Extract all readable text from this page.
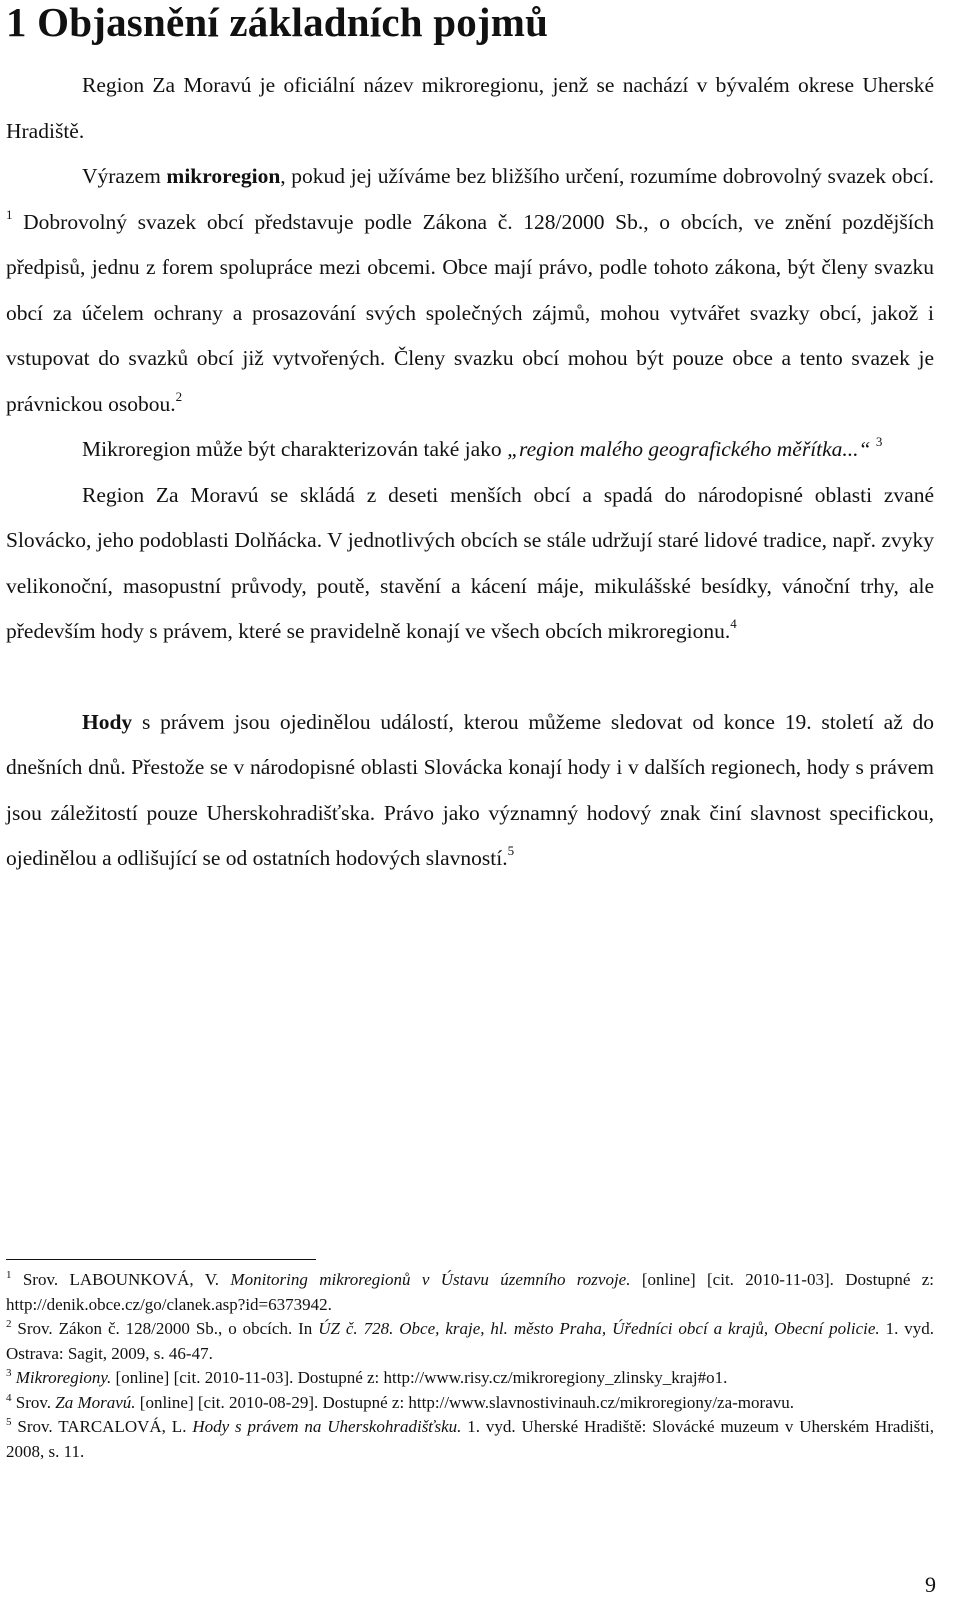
1 Objasnění základních pojmů

Region Za Moravú je oficiální název mikroregionu, jenž se nachází v bývalém okrese Uherské Hradiště.

Výrazem mikroregion, pokud jej užíváme bez bližšího určení, rozumíme dobrovolný svazek obcí. $^1$ Dobrovolný svazek obcí představuje podle Zákona č. 128/2000 Sb., o obcích, ve znění pozdějších předpisů, jednu z forem spolupráce mezi obcemi. Obce mají právo, podle tohoto zákona, být členy svazku obcí za účelem ochrany a prosazování svých společných zájmů, mohou vytvářet svazky obcí, jakož i vstupovat do svazků obcí již vytvořených. Členy svazku obcí mohou být pouze obce a tento svazek je právnickou osobou.$^2$

Mikroregion může být charakterizován také jako „region malého geografického měřítka...“ $^3$

Region Za Moravú se skládá z deseti menších obcí a spadá do národopisné oblasti zvané Slovácko, jeho podoblasti Dolňácka. V jednotlivých obcích se stále udržují staré lidové tradice, např. zvyky velikonoční, masopustní průvody, poutě, stavění a kácení máje, mikulášské besídky, vánoční trhy, ale především hody s právem, které se pravidelně konají ve všech obcích mikroregionu.$^4$

Hody s právem jsou ojedinělou událostí, kterou můžeme sledovat od konce 19. století až do dnešních dnů. Přestože se v národopisné oblasti Slovácka konají hody i v dalších regionech, hody s právem jsou záležitostí pouze Uherskohradišťska. Právo jako významný hodový znak činí slavnost specifickou, ojedinělou a odlišující se od ostatních hodových slavností.$^5$

$^1$ Srov. LABOUNKOVÁ, V. Monitoring mikroregionů v Ústavu územního rozvoje. [online] [cit. 2010-11-03]. Dostupné z: http://denik.obce.cz/go/clanek.asp?id=6373942.

$^2$ Srov. Zákon č. 128/2000 Sb., o obcích. In ÚZ č. 728. Obce, kraje, hl. město Praha, Úředníci obcí a krajů, Obecní policie. 1. vyd. Ostrava: Sagit, 2009, s. 46-47.

$^3$ Mikroregiony. [online] [cit. 2010-11-03]. Dostupné z: http://www.risy.cz/mikroregiony_zlinsky_kraj#o1.

$^4$ Srov. Za Moravú. [online] [cit. 2010-08-29]. Dostupné z: http://www.slavnostivinauh.cz/mikroregiony/za-moravu.

$^5$ Srov. TARCALOVÁ, L. Hody s právem na Uherskohradišťsku. 1. vyd. Uherské Hradiště: Slovácké muzeum v Uherském Hradišti, 2008, s. 11.

9
